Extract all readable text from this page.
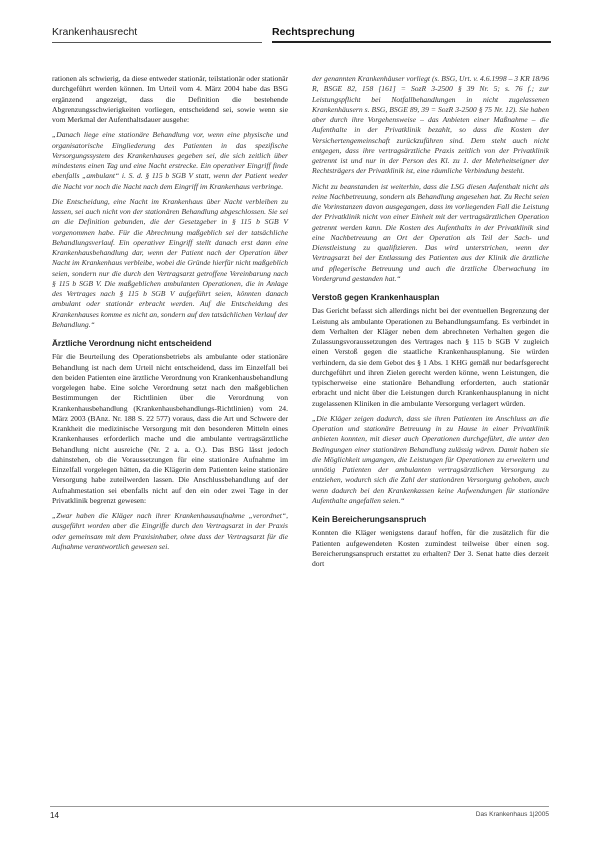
Krankenhausrecht	Rechtsprechung

rationen als schwierig, da diese entweder stationär, teilstationär oder stationär durchgeführt werden können. Im Urteil vom 4. März 2004 habe das BSG ergänzend angezeigt, dass die Definition die bestehende Abgrenzungsschwierigkeiten vorliegen, entscheidend sei, sowie wenn sie vom Merkmal der Aufenthaltsdauer ausgehe:

„Danach liege eine stationäre Behandlung vor, wenn eine physische und organisatorische Eingliederung des Patienten in das spezifische Versorgungssystem des Krankenhauses gegeben sei, die sich zeitlich über mindestens einen Tag und eine Nacht erstrecke. Ein operativer Eingriff finde ebenfalls „ambulant“ i. S. d. § 115 b SGB V statt, wenn der Patient weder die Nacht vor noch die Nacht nach dem Eingriff im Krankenhaus verbringe.

Die Entscheidung, eine Nacht im Krankenhaus über Nacht verbleiben zu lassen, sei auch nicht von der stationären Behandlung abgeschlossen. Sie sei an die Definition gebunden, die der Gesetzgeber in § 115 b SGB V vorgenommen habe. Für die Abrechnung maßgeblich sei der tatsächliche Behandlungsverlauf. Ein operativer Eingriff stellt danach erst dann eine Krankenhausbehandlung dar, wenn der Patient nach der Operation über Nacht im Krankenhaus verbleibe, wobei die Gründe hierfür nicht maßgeblich seien, sondern nur die durch den Vertragsarzt getroffene Vereinbarung nach § 115 b SGB V. Die maßgeblichen ambulanten Operationen, die in Anlage des Vertrages nach § 115 b SGB V aufgeführt seien, könnten danach ambulant oder stationär erbracht werden. Auf die Entscheidung des Krankenhauses komme es nicht an, sondern auf den tatsächlichen Verlauf der Behandlung.“

Ärztliche Verordnung nicht entscheidend

Für die Beurteilung des Operationsbetriebs als ambulante oder stationäre Behandlung ist nach dem Urteil nicht entscheidend, dass im Einzelfall bei den beiden Patienten eine ärztliche Verordnung von Krankenhausbehandlung vorgelegen habe. Eine solche Verordnung setzt nach den maßgeblichen Bestimmungen der Richtlinien über die Verordnung von Krankenhausbehandlung (Krankenhausbehandlungs-Richtlinien) vom 24. März 2003 (BAnz. Nr. 188 S. 22 577) voraus, dass die Art und Schwere der Krankheit die medizinische Versorgung mit den besonderen Mitteln eines Krankenhauses erforderlich mache und die ambulante vertragsärztliche Behandlung nicht ausreiche (Nr. 2 a. a. O.). Das BSG lässt jedoch dahinstehen, ob die Voraussetzungen für eine stationäre Aufnahme im Einzelfall vorgelegen hätten, da die Klägerin dem Patienten keine stationäre Versorgung habe zuteilwerden lassen. Die Anschlussbehandlung auf der Aufnahmestation sei ebenfalls nicht auf den ein oder zwei Tage in der Privatklinik begrenzt gewesen:

„Zwar haben die Kläger nach ihrer Krankenhausaufnahme „verordnet“, ausgeführt worden aber die Eingriffe durch den Vertragsarzt in der Praxis oder gemeinsam mit dem Praxisinhaber, ohne dass der Vertragsarzt für die Aufnahme verantwortlich gewesen sei.

der genannten Krankenhäuser vorliegt (s. BSG, Urt. v. 4.6.1998 – 3 KR 18/96 R, BSGE 82, 158 [161] = SozR 3-2500 § 39 Nr. 5; s. 76 f.; zur Leistungspflicht bei Notfallbehandlungen in nicht zugelassenen Krankenhäusern s. BSG, BSGE 89, 39 = SozR 3-2500 § 75 Nr. 12). Sie haben aber durch ihre Vorgehensweise – das Anbieten einer Maßnahme – die Aufenthalte in der Privatklinik bezahlt, so dass die Kosten der Versichertengemeinschaft zurückzuführen sind. Dem steht auch nicht entgegen, dass ihre vertragsärztliche Praxis zeitlich von der Privatklinik getrennt ist und nur in der Person des Kl. zu 1. der Mehrheitseigner der Rechtsträgers der Privatklinik ist, eine räumliche Verbindung besteht.

Nicht zu beanstanden ist weiterhin, dass die LSG diesen Aufenthalt nicht als reine Nachbetreuung, sondern als Behandlung angesehen hat. Zu Recht seien die Vorinstanzen davon ausgegangen, dass im vorliegenden Fall die Leistung der Privatklinik nicht von einer Einheit mit der vertragsärztlichen Operation getrennt werden kann. Die Kosten des Aufenthalts in der Privatklinik sind eine Nachbetreuung an Ort der Operation als Teil der Sach- und Dienstleistung zu qualifizieren. Das wird unterstrichen, wenn der Vertragsarzt bei der Entlassung des Patienten aus der Klinik die ärztliche und pflegerische Betreuung und auch die ärztliche Überwachung im Vordergrund gestanden hat.“

Verstoß gegen Krankenhausplan

Das Gericht befasst sich allerdings nicht bei der eventuellen Begrenzung der Leistung als ambulante Operationen zu Behandlungsumfang. Es verbindet in dem Verhalten der Kläger neben dem abrechneten Verhalten gegen die Zulassungsvoraussetzungen des Vertrages nach § 115 b SGB V zugleich einen Verstoß gegen die staatliche Krankenhausplanung. Sie würden verhindern, da sie dem Gebot des § 1 Abs. 1 KHG gemäß nur bedarfsgerecht durchgeführt und ihren Zielen gerecht werden könne, wenn Leistungen, die typischerweise eine stationäre Behandlung erforderten, auch stationär erbracht und nicht über die Leistungen durch Krankenhausplanung in nicht zugelassenen Kliniken in die ambulante Versorgung verlagert würden.

„Die Kläger zeigen dadurch, dass sie ihren Patienten im Anschluss an die Operation und stationäre Betreuung in zu Hause in einer Privatklinik anbieten konnten, mit dieser auch Operationen durchgeführt, die unter den Bedingungen einer stationären Behandlung zulässig wären. Damit haben sie die Möglichkeit umgangen, die Leistungen für Operationen zu erweitern und unnötig Patienten der ambulanten vertragsärztlichen Versorgung zu entziehen, wodurch sich die Zahl der stationären Versorgung gehoben, auch wenn dadurch bei den Krankenkassen keine Aufwendungen für stationäre Aufenthalte angefallen seien.“

Kein Bereicherungsanspruch

Konnten die Kläger wenigstens darauf hoffen, für die zusätzlich für die Patienten aufgewendeten Kosten zumindest teilweise über einen sog. Bereicherungsanspruch erstattet zu erhalten? Der 3. Senat hatte dies derzeit dort

14	Das Krankenhaus 1|2005
